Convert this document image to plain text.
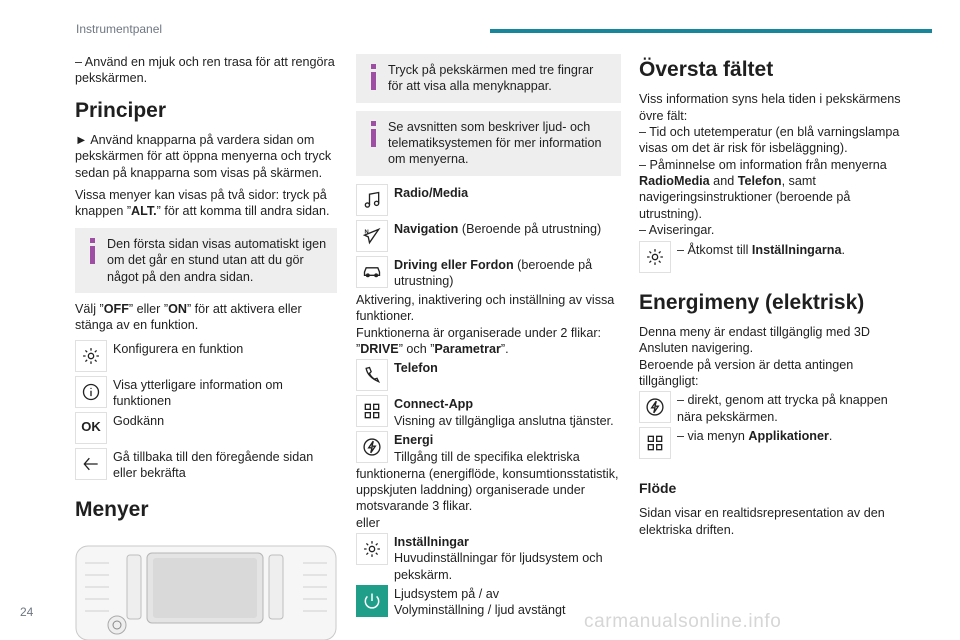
Instrumentpanel

– Använd en mjuk och ren trasa för att rengöra pekskärmen.

Principer

► Använd knapparna på vardera sidan om pekskärmen för att öppna menyerna och tryck sedan på knapparna som visas på skärmen.

Vissa menyer kan visas på två sidor: tryck på knappen ”ALT.” för att komma till andra sidan.

Den första sidan visas automatiskt igen om det går en stund utan att du gör något på den andra sidan.

Välj ”OFF” eller ”ON” för att aktivera eller stänga av en funktion.

Konfigurera en funktion
Visa ytterligare information om funktionen
OK Godkänn
Gå tillbaka till den föregående sidan eller bekräfta
Menyer
Tryck på pekskärmen med tre fingrar för att visa alla menyknappar.
Se avsnitten som beskriver ljud- och telematiksystemen för mer information om menyerna.
Radio/Media
N Navigation (Beroende på utrustning)
Driving eller Fordon (beroende på utrustning)

Aktivering, inaktivering och inställning av vissa funktioner.

Funktionerna är organiserade under 2 flikar: ”DRIVE” och ”Parametrar”.

Telefon
Connect-App
Visning av tillgängliga anslutna tjänster.
Energi

Tillgång till de specifika elektriska funktionerna (energiflöde, konsumtionsstatistik, uppskjuten laddning) organiserade under motsvarande 3 flikar.

eller

Inställningar
Huvudinställningar för ljudsystem och pekskärm.
Ljudsystem på / av
Volyminställning / ljud avstängt
Översta fältet

Viss information syns hela tiden i pekskärmens övre fält:

– Tid och utetemperatur (en blå varningslampa visas om det är risk för isbeläggning).

– Påminnelse om information från menyerna RadioMedia and Telefon, samt navigeringsinstruktioner (beroende på utrustning).

– Aviseringar.

– Åtkomst till Inställningarna.
Energimeny (elektrisk)

Denna meny är endast tillgänglig med 3D Ansluten navigering.

Beroende på version är detta antingen tillgängligt:

– direkt, genom att trycka på knappen nära pekskärmen.
– via menyn Applikationer.
Flöde

Sidan visar en realtidsrepresentation av den elektriska driften.

24	carmanualsonline.info
